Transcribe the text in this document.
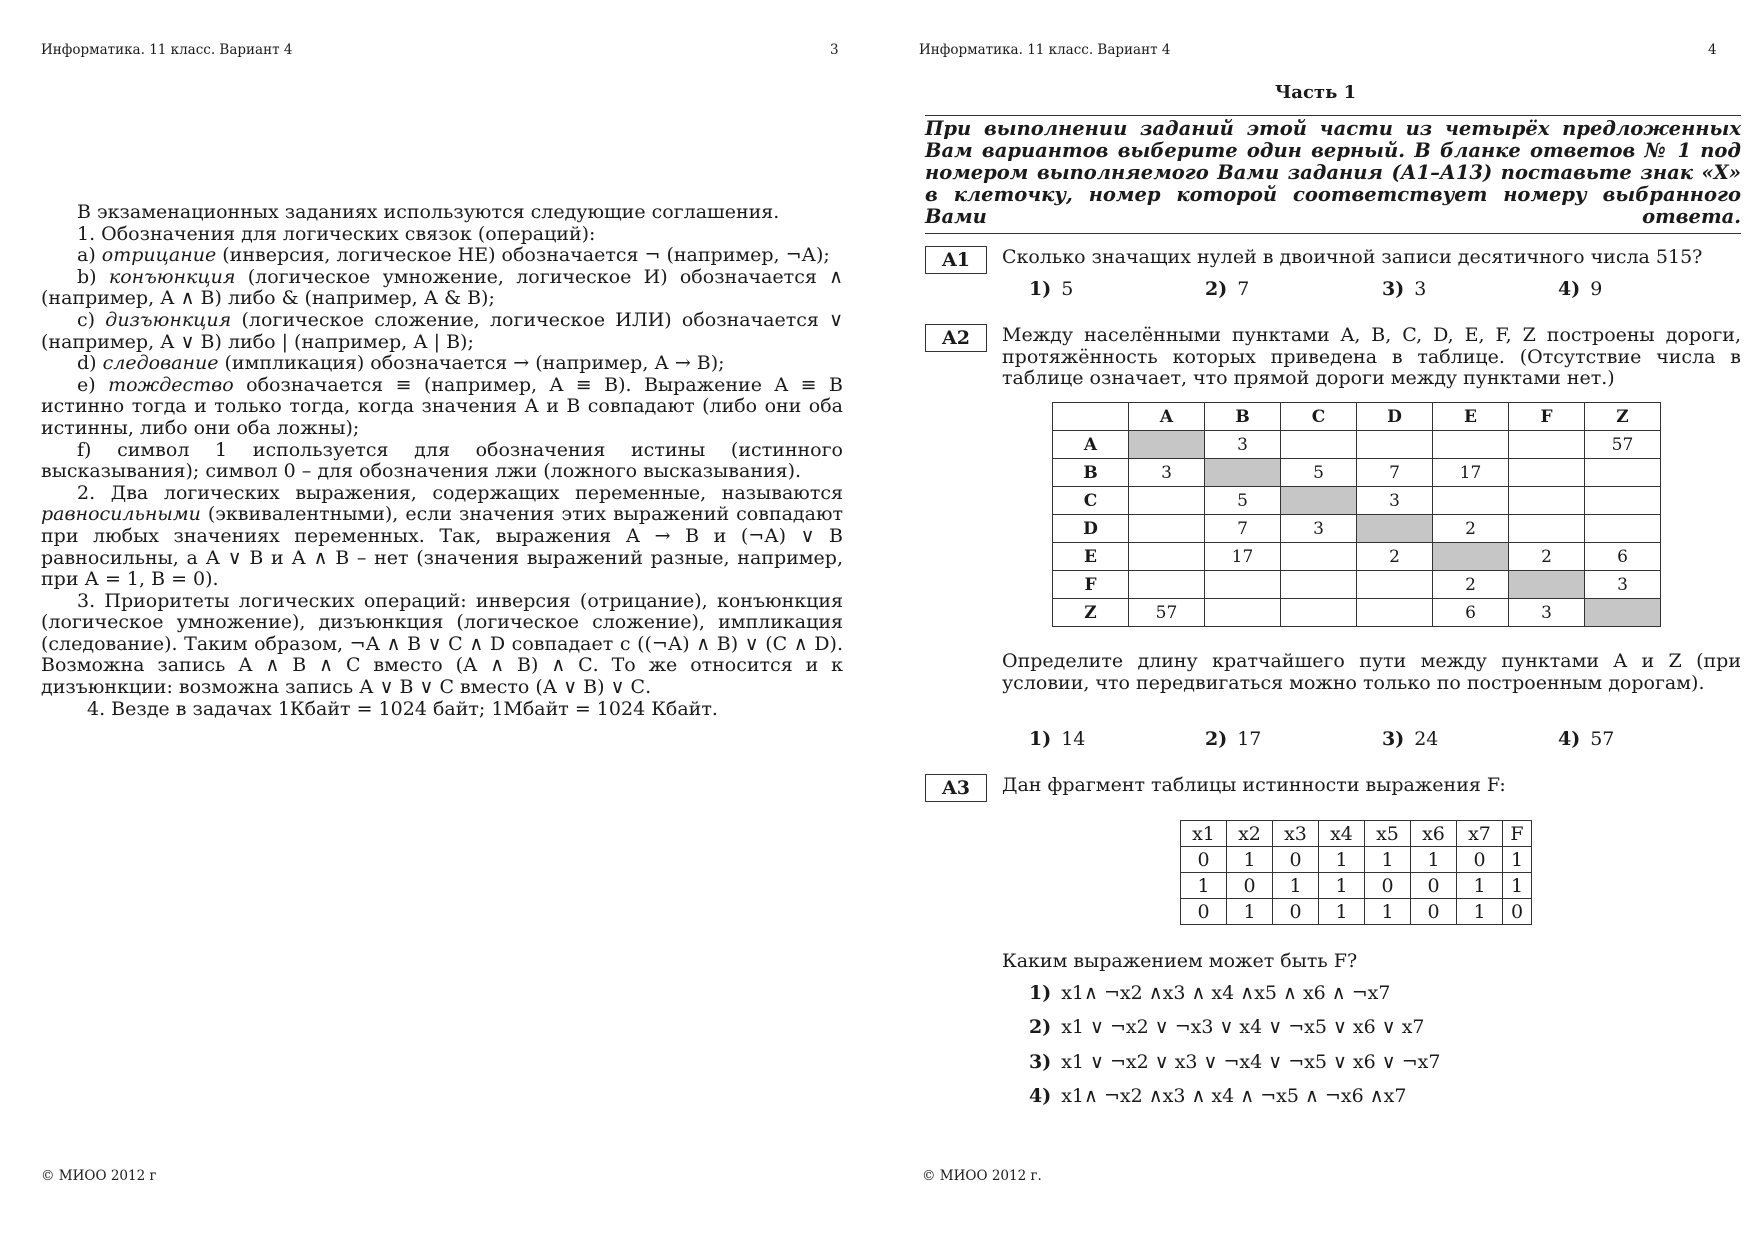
Информатика. 11 класс. Вариант 4	3

В экзаменационных заданиях используются следующие соглашения.

1. Обозначения для логических связок (операций):

a) отрицание (инверсия, логическое НЕ) обозначается ¬ (например, ¬А);

b) конъюнкция (логическое умножение, логическое И) обозначается ∧ (например, А ∧ В) либо & (например, А & В);

c) дизъюнкция (логическое сложение, логическое ИЛИ) обозначается ∨ (например, А ∨ В) либо | (например, А | В);

d) следование (импликация) обозначается → (например, А → В);

e) тождество обозначается ≡ (например, A ≡ B). Выражение A ≡ B истинно тогда и только тогда, когда значения А и В совпадают (либо они оба истинны, либо они оба ложны);

f) символ 1 используется для обозначения истины (истинного высказывания); символ 0 – для обозначения лжи (ложного высказывания).

2. Два логических выражения, содержащих переменные, называются равносильными (эквивалентными), если значения этих выражений совпадают при любых значениях переменных. Так, выражения А → В и (¬А) ∨ В равносильны, а А ∨ В и А ∧ В – нет (значения выражений разные, например, при А = 1, В = 0).

3. Приоритеты логических операций: инверсия (отрицание), конъюнкция (логическое умножение), дизъюнкция (логическое сложение), импликация (следование). Таким образом, ¬А ∧ В ∨ С ∧ D совпадает с ((¬А) ∧ В) ∨ (С ∧ D). Возможна запись А ∧ В ∧ С вместо (А ∧ В) ∧ С. То же относится и к дизъюнкции: возможна запись А ∨ В ∨ С вместо (А ∨ В) ∨ С.

4. Везде в задачах 1Кбайт = 1024 байт; 1Мбайт = 1024 Кбайт.

© МИОО 2012 г
Информатика. 11 класс. Вариант 4	4
Часть 1
При выполнении заданий этой части из четырёх предложенных Вам вариантов выберите один верный. В бланке ответов № 1 под номером выполняемого Вами задания (А1–А13) поставьте знак «X» в клеточку, номер которой соответствует номеру выбранного Вами ответа.
A1	Сколько значащих нулей в двоичной записи десятичного числа 515?
1) 5	2) 7	3) 3	4) 9
A2	Между населёнными пунктами A, B, C, D, E, F, Z построены дороги, протяжённость которых приведена в таблице. (Отсутствие числа в таблице означает, что прямой дороги между пунктами нет.)
	A	B	C	D	E	F	Z
A		3					57
B	3		5	7	17		
C		5		3			
D		7	3		2		
E		17		2		2	6
F					2		3
Z	57				6	3	
Определите длину кратчайшего пути между пунктами A и Z (при условии, что передвигаться можно только по построенным дорогам).
1) 14	2) 17	3) 24	4) 57
A3	Дан фрагмент таблицы истинности выражения F:
x1	x2	x3	x4	x5	x6	x7	F
0	1	0	1	1	1	0	1
1	0	1	1	0	0	1	1
0	1	0	1	1	0	1	0
Каким выражением может быть F?
1) x1∧ ¬x2 ∧x3 ∧ x4 ∧x5 ∧ x6 ∧ ¬x7
2) x1 ∨ ¬x2 ∨ ¬x3 ∨ x4 ∨ ¬x5 ∨ x6 ∨ x7
3) x1 ∨ ¬x2 ∨ x3 ∨ ¬x4 ∨ ¬x5 ∨ x6 ∨ ¬x7
4) x1∧ ¬x2 ∧x3 ∧ x4 ∧ ¬x5 ∧ ¬x6 ∧x7
© МИОО 2012 г.
